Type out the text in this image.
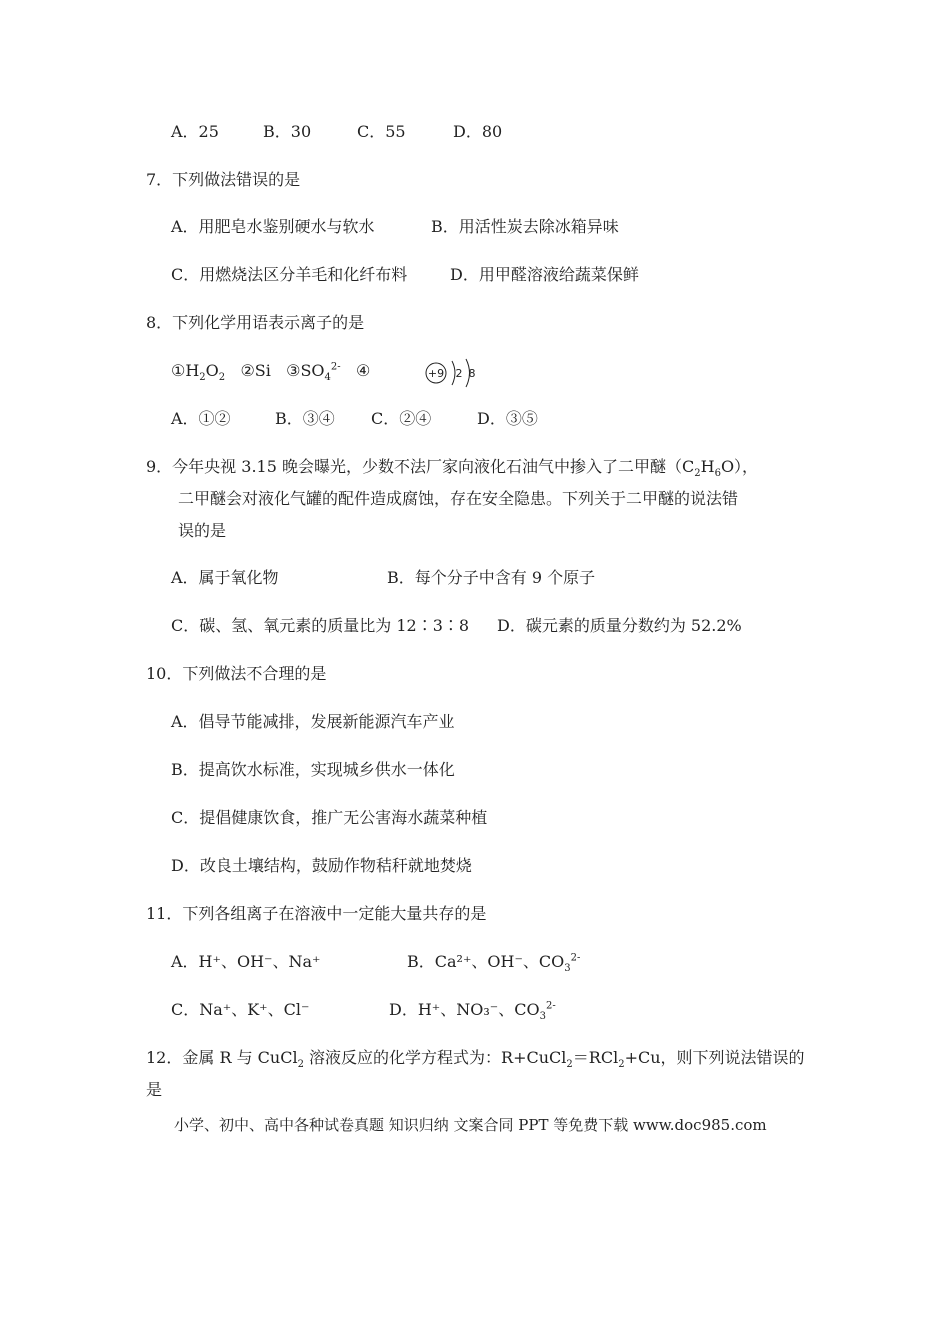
A．25	B．30	C．55	D．80
7．下列做法错误的是
A．用肥皂水鉴别硬水与软水	B．用活性炭去除冰箱异味
C．用燃烧法区分羊毛和化纤布料	D．用甲醛溶液给蔬菜保鲜
8．下列化学用语表示离子的是
$①H_2O_2$ ②Si $③SO_4^{2-}$ ④	+9 2 8
A．①②	B．③④ C．②④	D．③⑤
9．今年央视 3.15 晚会曝光，少数不法厂家向液化石油气中掺入了二甲醚$(C_2H_6O)$，
二甲醚会对液化气罐的配件造成腐蚀，存在安全隐患。下列关于二甲醚的说法错
误的是
A．属于氧化物	B．每个分子中含有 9 个原子
C．碳、氢、氧元素的质量比为 12∶3∶8 D．碳元素的质量分数约为 52.2%
10．下列做法不合理的是
A．倡导节能减排，发展新能源汽车产业
B．提高饮水标准，实现城乡供水一体化
C．提倡健康饮食，推广无公害海水蔬菜种植
D．改良土壤结构，鼓励作物秸秆就地焚烧
11．下列各组离子在溶液中一定能大量共存的是
A．H⁺、OH⁻、Na⁺	B．Ca²⁺、OH⁻、$CO_3^{2-}$
C．Na⁺、K⁺、Cl⁻	D．H⁺、NO₃⁻、$CO_3^{2-}$
12．金属 R 与 CuCl$_2$ 溶液反应的化学方程式为：R+CuCl$_2$＝RCl$_2$+Cu，则下列说法错误的
是
小学、初中、高中各种试卷真题 知识归纳 文案合同 PPT 等免费下载 www.doc985.com
